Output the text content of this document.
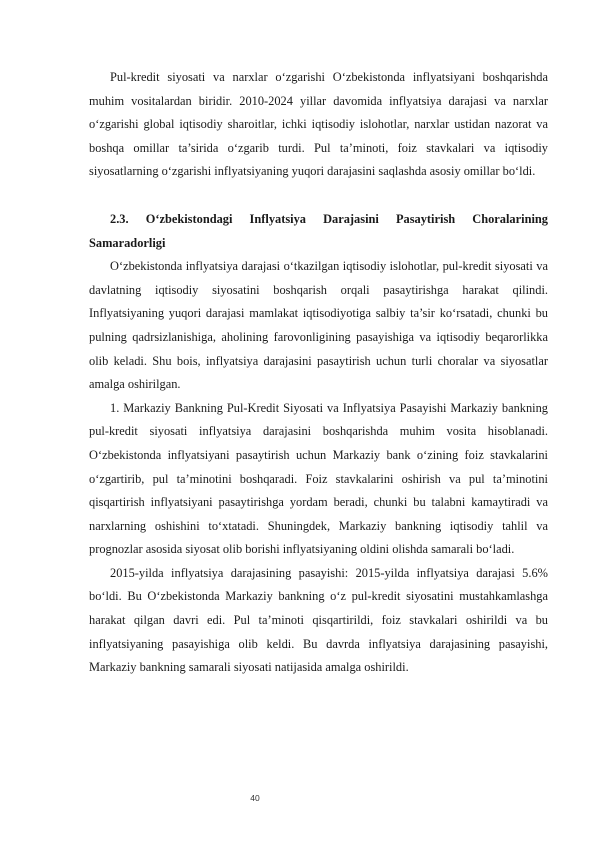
Pul-kredit siyosati va narxlar o‘zgarishi O‘zbekistonda inflyatsiyani boshqarishda muhim vositalardan biridir. 2010-2024 yillar davomida inflyatsiya darajasi va narxlar o‘zgarishi global iqtisodiy sharoitlar, ichki iqtisodiy islohotlar, narxlar ustidan nazorat va boshqa omillar ta’sirida o‘zgarib turdi. Pul ta’minoti, foiz stavkalari va iqtisodiy siyosatlarning o‘zgarishi inflyatsiyaning yuqori darajasini saqlashda asosiy omillar bo‘ldi.

2.3. O‘zbekistondagi Inflyatsiya Darajasini Pasaytirish Choralarining Samaradorligi

O‘zbekistonda inflyatsiya darajasi o‘tkazilgan iqtisodiy islohotlar, pul-kredit siyosati va davlatning iqtisodiy siyosatini boshqarish orqali pasaytirishga harakat qilindi. Inflyatsiyaning yuqori darajasi mamlakat iqtisodiyotiga salbiy ta’sir ko‘rsatadi, chunki bu pulning qadrsizlanishiga, aholining farovonligining pasayishiga va iqtisodiy beqarorlikka olib keladi. Shu bois, inflyatsiya darajasini pasaytirish uchun turli choralar va siyosatlar amalga oshirilgan.

1. Markaziy Bankning Pul-Kredit Siyosati va Inflyatsiya Pasayishi Markaziy bankning pul-kredit siyosati inflyatsiya darajasini boshqarishda muhim vosita hisoblanadi. O‘zbekistonda inflyatsiyani pasaytirish uchun Markaziy bank o‘zining foiz stavkalarini o‘zgartirib, pul ta’minotini boshqaradi. Foiz stavkalarini oshirish va pul ta’minotini qisqartirish inflyatsiyani pasaytirishga yordam beradi, chunki bu talabni kamaytiradi va narxlarning oshishini to‘xtatadi. Shuningdek, Markaziy bankning iqtisodiy tahlil va prognozlar asosida siyosat olib borishi inflyatsiyaning oldini olishda samarali bo‘ladi.

2015-yilda inflyatsiya darajasining pasayishi: 2015-yilda inflyatsiya darajasi 5.6% bo‘ldi. Bu O‘zbekistonda Markaziy bankning o‘z pul-kredit siyosatini mustahkamlashga harakat qilgan davri edi. Pul ta’minoti qisqartirildi, foiz stavkalari oshirildi va bu inflyatsiyaning pasayishiga olib keldi. Bu davrda inflyatsiya darajasining pasayishi, Markaziy bankning samarali siyosati natijasida amalga oshirildi.

40
